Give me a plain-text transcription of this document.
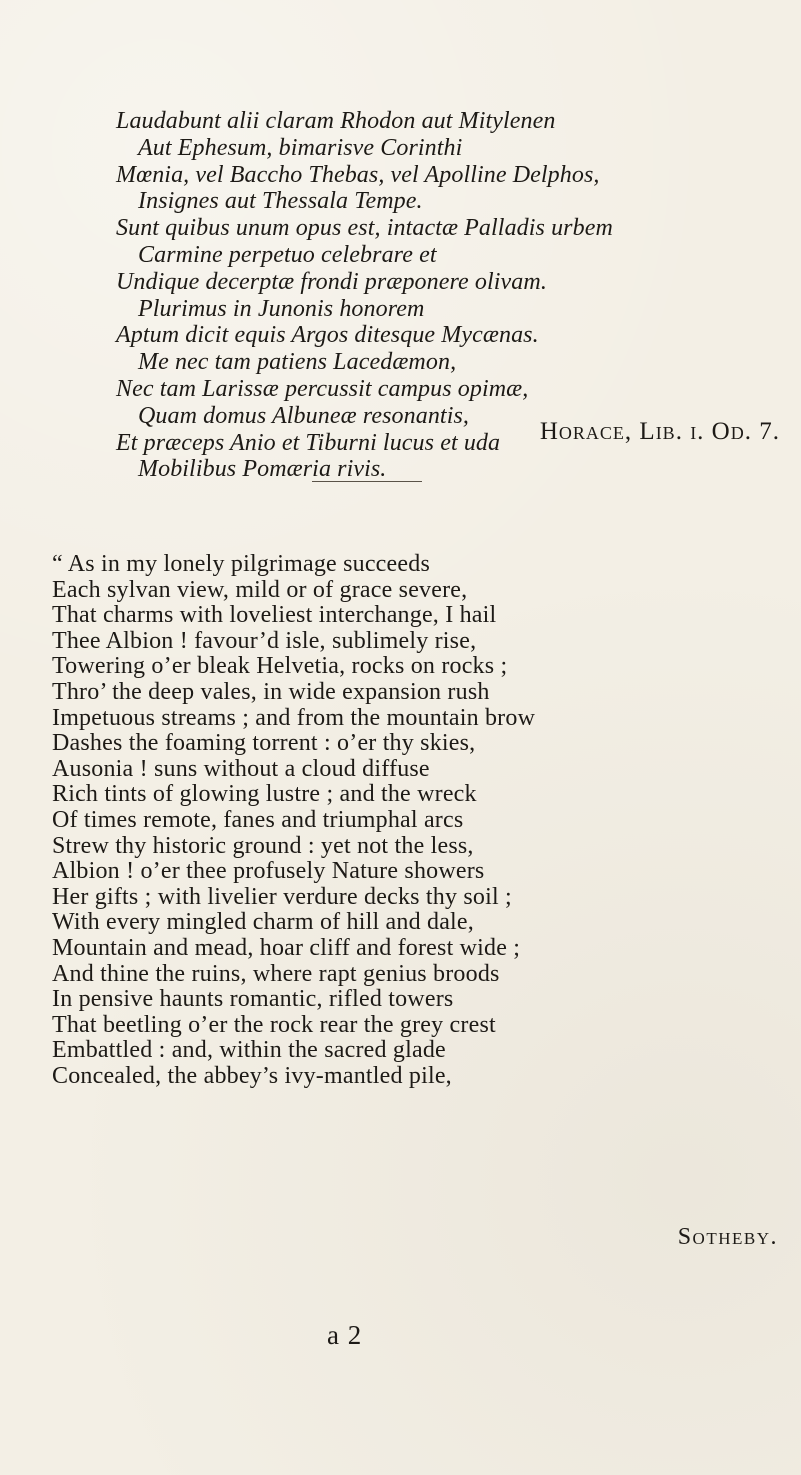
Laudabunt alii claram Rhodon aut Mitylenen
Aut Ephesum, bimarisve Corinthi
Mœnia, vel Baccho Thebas, vel Apolline Delphos,
Insignes aut Thessala Tempe.
Sunt quibus unum opus est, intactæ Palladis urbem
Carmine perpetuo celebrare et
Undique decerptæ frondi præponere olivam.
Plurimus in Junonis honorem
Aptum dicit equis Argos ditesque Mycænas.
Me nec tam patiens Lacedæmon,
Nec tam Larissæ percussit campus opimæ,
Quam domus Albuneæ resonantis,
Et præceps Anio et Tiburni lucus et uda
Mobilibus Pomæria rivis.
Horace, Lib. i. Od. 7.
“ As in my lonely pilgrimage succeeds
Each sylvan view, mild or of grace severe,
That charms with loveliest interchange, I hail
Thee Albion ! favour’d isle, sublimely rise,
Towering o’er bleak Helvetia, rocks on rocks ;
Thro’ the deep vales, in wide expansion rush
Impetuous streams ; and from the mountain brow
Dashes the foaming torrent : o’er thy skies,
Ausonia ! suns without a cloud diffuse
Rich tints of glowing lustre ; and the wreck
Of times remote, fanes and triumphal arcs
Strew thy historic ground : yet not the less,
Albion ! o’er thee profusely Nature showers
Her gifts ; with livelier verdure decks thy soil ;
With every mingled charm of hill and dale,
Mountain and mead, hoar cliff and forest wide ;
And thine the ruins, where rapt genius broods
In pensive haunts romantic, rifled towers
That beetling o’er the rock rear the grey crest
Embattled : and, within the sacred glade
Concealed, the abbey’s ivy-mantled pile,
Sotheby.
a 2
